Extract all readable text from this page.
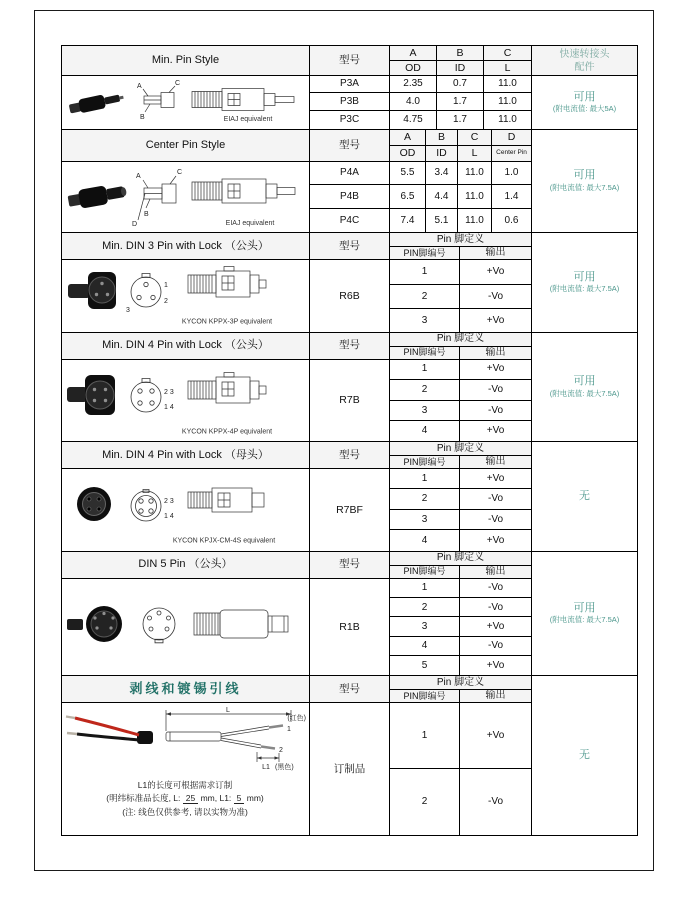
Min. Pin Style	型号	A	B	C	快速转接头
配件

		OD	ID	L	

A
B
C
EIAJ equivalent
	P3A	2.35	0.7	11.0	
可用
(附电流值: 最大5A)

	P3B	4.0	1.7	11.0	
	P3C	4.75	1.7	11.0	
Center Pin Style	型号	A	B	C	D	可用
(附电流值: 最大7.5A)

		OD	ID	L	Center Pin	

A
B
C
D EIAJ equivalent	P4A	5.5	3.4	11.0	1.0	
	P4B	6.5	4.4	11.0	1.4	
	P4C	7.4	5.1	11.0	0.6	
Min. DIN 3 Pin with Lock （公头）	型号	Pin 脚定义		可用
(附电流值: 最大7.5A)

		PIN脚编号	输出	

1
2
3
KYCON KPPX-3P equivalent	R6B	1	+Vo	
		2	-Vo	
		3	+Vo	
Min. DIN 4 Pin with Lock （公头）	型号	Pin 脚定义		可用
(附电流值: 最大7.5A)

		PIN脚编号	输出	

2 3
1 4
KYCON KPPX-4P equivalent	R7B	1	+Vo	
		2	-Vo	
		3	-Vo	
		4	+Vo	
Min. DIN 4 Pin with Lock （母头）	型号	Pin 脚定义		无

		PIN脚编号	输出	

2 3
1 4
KYCON KPJX-CM-4S equivalent	R7BF	1	+Vo	
		2	-Vo	
		3	-Vo	
		4	+Vo	
DIN 5 Pin （公头）	型号	Pin 脚定义		可用
(附电流值: 最大7.5A)

		PIN脚编号	输出	
	R1B	1	-Vo	
		2	-Vo	
		3	+Vo	
		4	-Vo	
		5	+Vo	
剥线和镀锡引线	型号	Pin 脚定义		无

		PIN脚编号	输出	

L
(红色)
1
2
L1 (黑色)
L1的长度可根据需求订制
(明纬标准品长度, L: 25 mm, L1: 5 mm)
(注: 线色仅供参考, 请以实物为准)
	订制品	1	+Vo
		2	-Vo	
